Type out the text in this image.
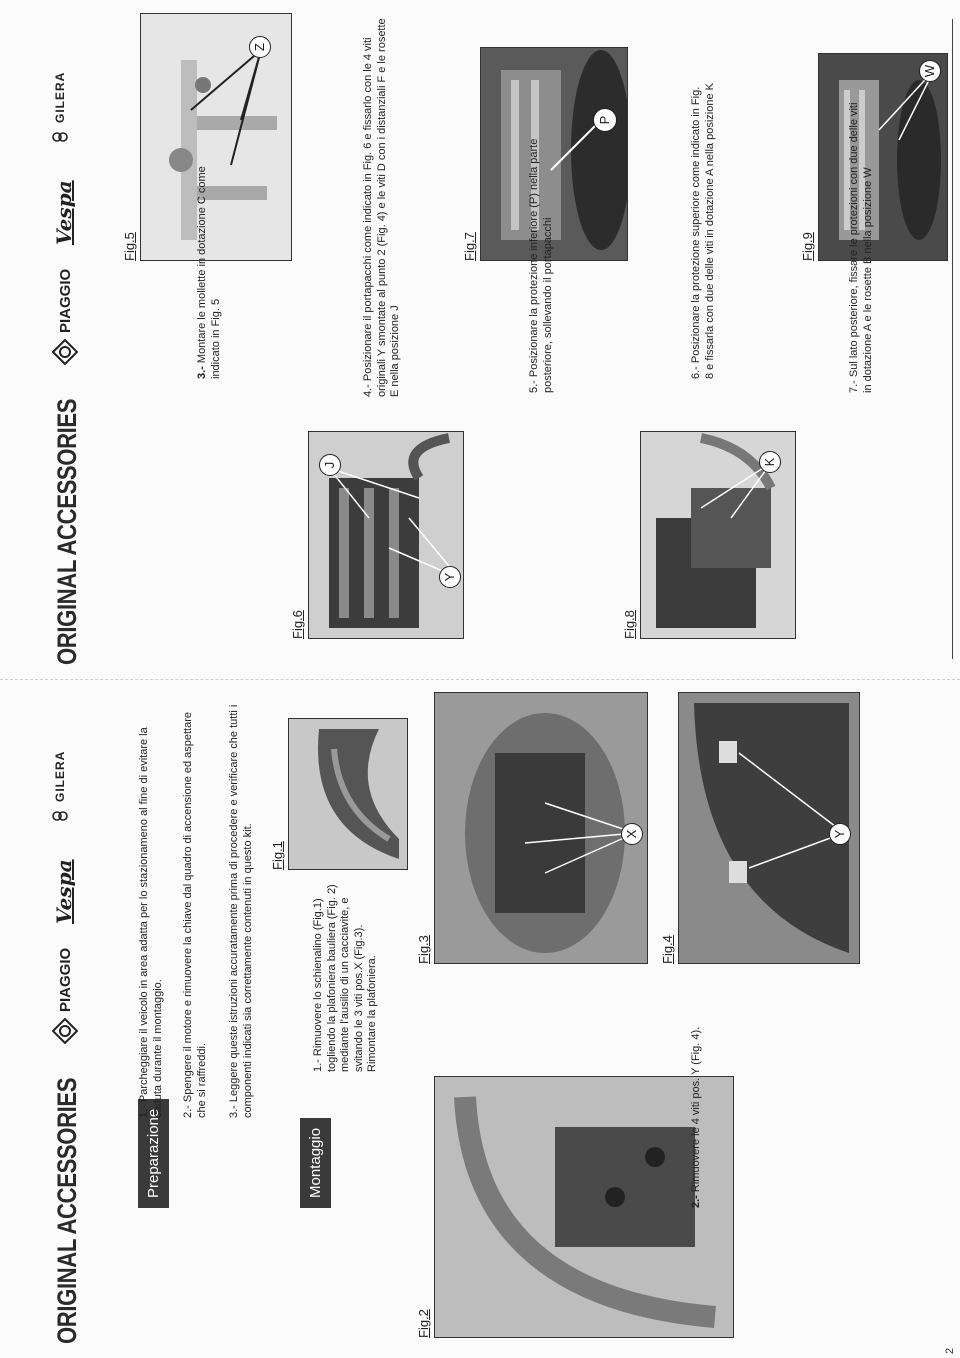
ORIGINAL ACCESSORIES
PIAGGIO
Vespa
GILERA
Fig.5
Z
Fig.6
Y
J
3.- Montare le mollette in dotazione C come indicato in Fig. 5	4.- Posizionare il portapacchi come indicato in Fig. 6 e fissarlo con le 4 viti originali Y smontate al punto 2 (Fig. 4) e le viti D con i distanziali F e le rosette E nella posizione J
Fig.7
P
5.- Posizionare la protezione inferiore (P) nella parte posteriore, sollevando il portapacchi
Fig.8
K
6.- Posizionare la protezione superiore come indicato in Fig. 8 e fissarla con due delle viti in dotazione A nella posizione K	Fig.9
W
7.- Sul lato posteriore, fissare le protezioni con due delle viti in dotazione A e le rosette B nella posizione W
ORIGINAL ACCESSORIES
PIAGGIO
Vespa
GILERA
Preparazione
1.- Parcheggiare il veicolo in area adatta per lo stazionameno al fine di evitare la caduta durante il montaggio. 2.- Spengere il motore e rimuovere la chiave dal quadro di accensione ed aspettare che si raffreddi. 3.- Leggere queste istruzioni accuratamente prima di procedere e verificare che tutti i componenti indicati sia correttamente contenuti in questo kit. Fig.1
Montaggio
1.- Rimuovere lo schienalino (Fig.1) togliendo la plafoniera bauliera (Fig. 2) mediante l'ausilio di un cacciavite, e svitando le 3 viti pos.X (Fig.3). Rimontare la plafoniera.
Fig.2
Fig.3
X
Fig.4
Y
2.- Rimuovere le 4 viti pos. Y (Fig. 4).
2
